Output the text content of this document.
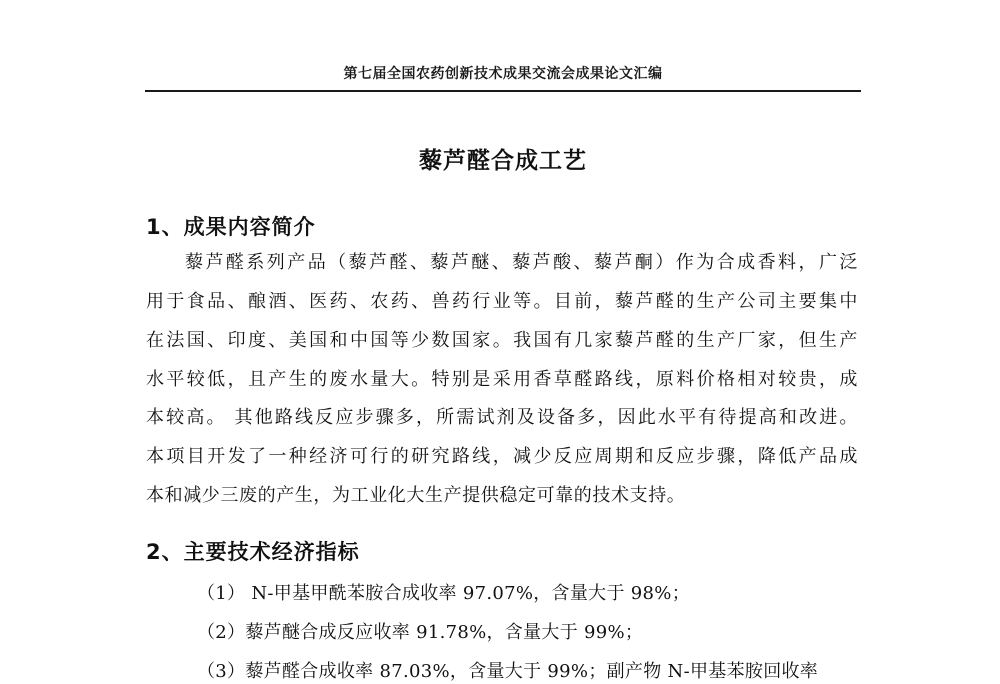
第七届全国农药创新技术成果交流会成果论文汇编
藜芦醛合成工艺
1、成果内容简介
藜芦醛系列产品（藜芦醛、藜芦醚、藜芦酸、藜芦酮）作为合成香料，广泛
用于食品、酿酒、医药、农药、兽药行业等。目前，藜芦醛的生产公司主要集中
在法国、印度、美国和中国等少数国家。我国有几家藜芦醛的生产厂家，但生产
水平较低，且产生的废水量大。特别是采用香草醛路线，原料价格相对较贵，成
本较高。 其他路线反应步骤多，所需试剂及设备多，因此水平有待提高和改进。
本项目开发了一种经济可行的研究路线，减少反应周期和反应步骤，降低产品成
本和减少三废的产生，为工业化大生产提供稳定可靠的技术支持。
2、主要技术经济指标
（1） N-甲基甲酰苯胺合成收率 97.07%，含量大于 98%；
（2）藜芦醚合成反应收率 91.78%，含量大于 99%；
（3）藜芦醛合成收率 87.03%，含量大于 99%；副产物 N-甲基苯胺回收率
